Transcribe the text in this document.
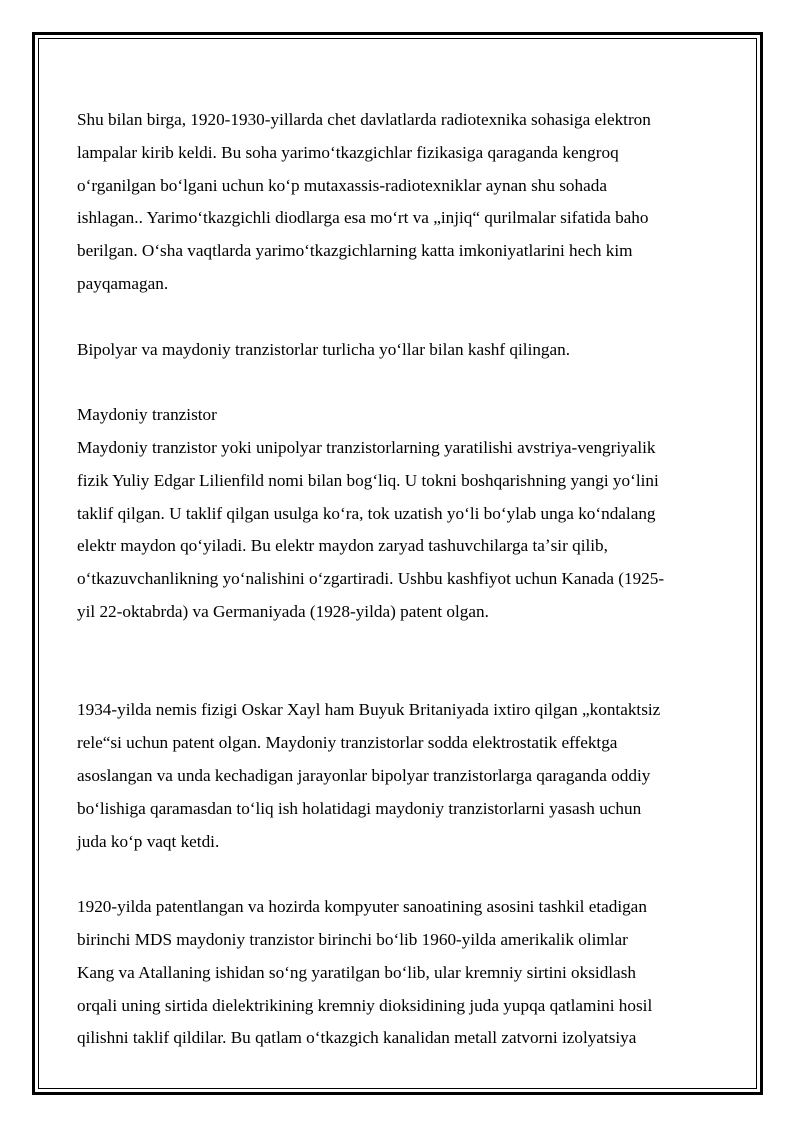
Shu bilan birga, 1920-1930-yillarda chet davlatlarda radiotexnika sohasiga elektron
lampalar kirib keldi. Bu soha yarimoʻtkazgichlar fizikasiga qaraganda kengroq
oʻrganilgan boʻlgani uchun koʻp mutaxassis-radiotexniklar aynan shu sohada
ishlagan.. Yarimoʻtkazgichli diodlarga esa moʻrt va „injiq“ qurilmalar sifatida baho
berilgan. Oʻsha vaqtlarda yarimoʻtkazgichlarning katta imkoniyatlarini hech kim
payqamagan.
Bipolyar va maydoniy tranzistorlar turlicha yoʻllar bilan kashf qilingan.
Maydoniy tranzistor
Maydoniy tranzistor yoki unipolyar tranzistorlarning yaratilishi avstriya-vengriyalik
fizik Yuliy Edgar Lilienfild nomi bilan bogʻliq. U tokni boshqarishning yangi yoʻlini
taklif qilgan. U taklif qilgan usulga koʻra, tok uzatish yoʻli boʻylab unga koʻndalang
elektr maydon qoʻyiladi. Bu elektr maydon zaryad tashuvchilarga taʼsir qilib,
oʻtkazuvchanlikning yoʻnalishini oʻzgartiradi. Ushbu kashfiyot uchun Kanada (1925-
yil 22-oktabrda) va Germaniyada (1928-yilda) patent olgan.
1934-yilda nemis fizigi Oskar Xayl ham Buyuk Britaniyada ixtiro qilgan „kontaktsiz
rele“si uchun patent olgan. Maydoniy tranzistorlar sodda elektrostatik effektga
asoslangan va unda kechadigan jarayonlar bipolyar tranzistorlarga qaraganda oddiy
boʻlishiga qaramasdan toʻliq ish holatidagi maydoniy tranzistorlarni yasash uchun
juda koʻp vaqt ketdi.
1920-yilda patentlangan va hozirda kompyuter sanoatining asosini tashkil etadigan
birinchi MDS maydoniy tranzistor birinchi boʻlib 1960-yilda amerikalik olimlar
Kang va Atallaning ishidan soʻng yaratilgan boʻlib, ular kremniy sirtini oksidlash
orqali uning sirtida dielektrikining kremniy dioksidining juda yupqa qatlamini hosil
qilishni taklif qildilar. Bu qatlam oʻtkazgich kanalidan metall zatvorni izolyatsiya
